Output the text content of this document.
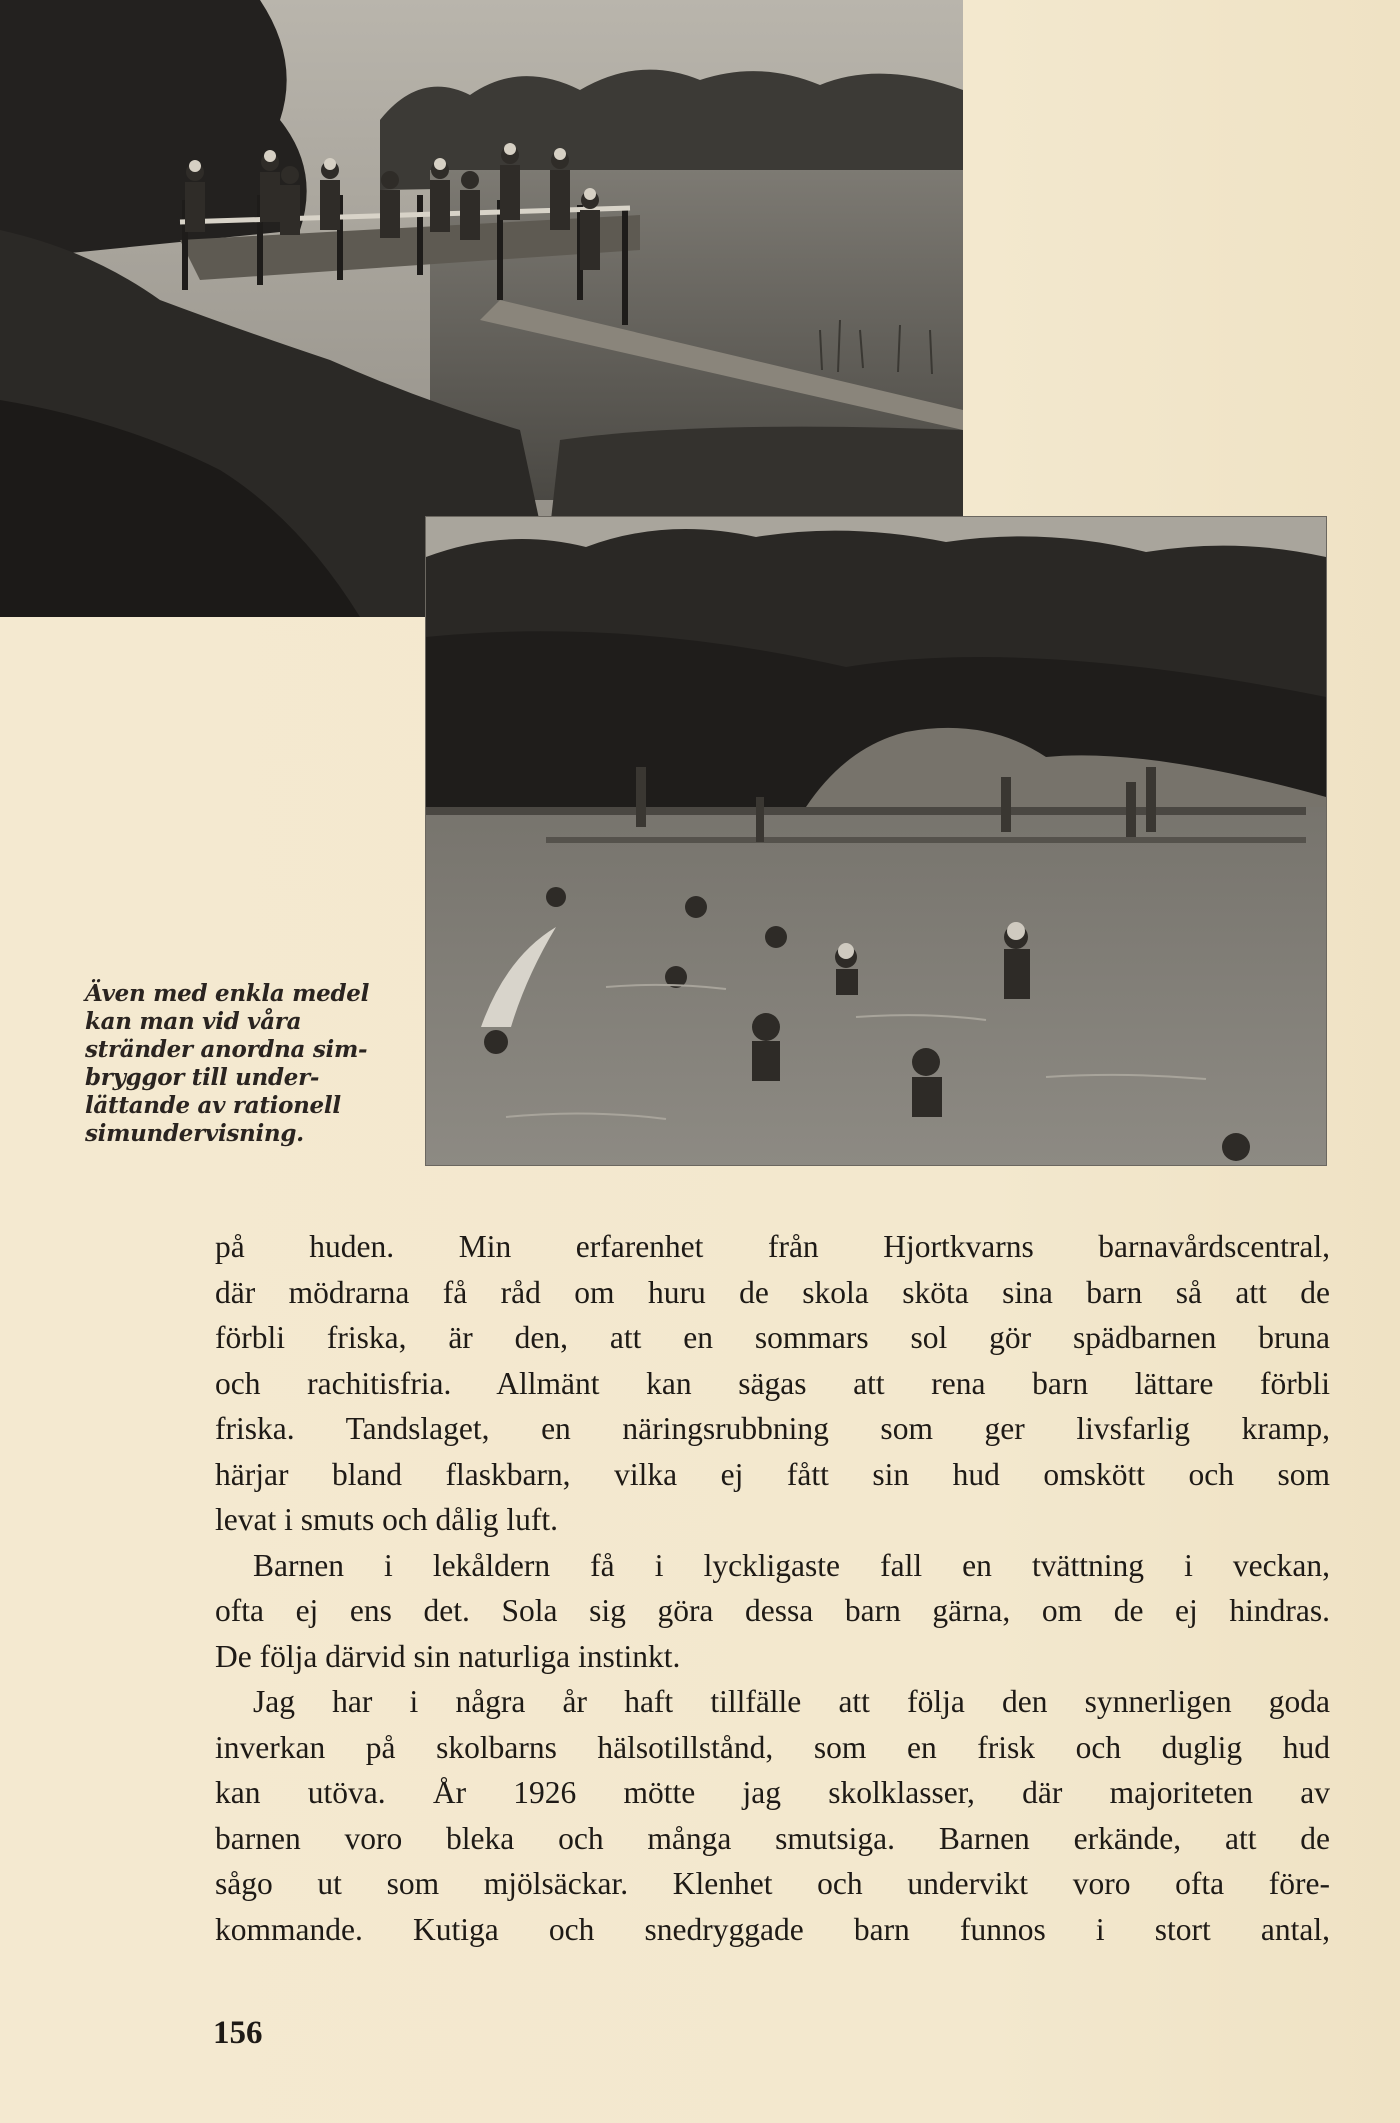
Även med enkla medel
kan man vid våra
stränder anordna sim-
bryggor till under-
lättande av rationell
simundervisning.

på huden. Min erfarenhet från Hjortkvarns barnavårdscentral,
där mödrarna få råd om huru de skola sköta sina barn så att de
förbli friska, är den, att en sommars sol gör spädbarnen bruna
och rachitisfria. Allmänt kan sägas att rena barn lättare förbli
friska. Tandslaget, en näringsrubbning som ger livsfarlig kramp,
härjar bland flaskbarn, vilka ej fått sin hud omskött och som
levat i smuts och dålig luft.

Barnen i lekåldern få i lyckligaste fall en tvättning i veckan,
ofta ej ens det. Sola sig göra dessa barn gärna, om de ej hindras.
De följa därvid sin naturliga instinkt.

Jag har i några år haft tillfälle att följa den synnerligen goda
inverkan på skolbarns hälsotillstånd, som en frisk och duglig hud
kan utöva. År 1926 mötte jag skolklasser, där majoriteten av
barnen voro bleka och många smutsiga. Barnen erkände, att de
sågo ut som mjölsäckar. Klenhet och undervikt voro ofta före-
kommande. Kutiga och snedryggade barn funnos i stort antal,

156
